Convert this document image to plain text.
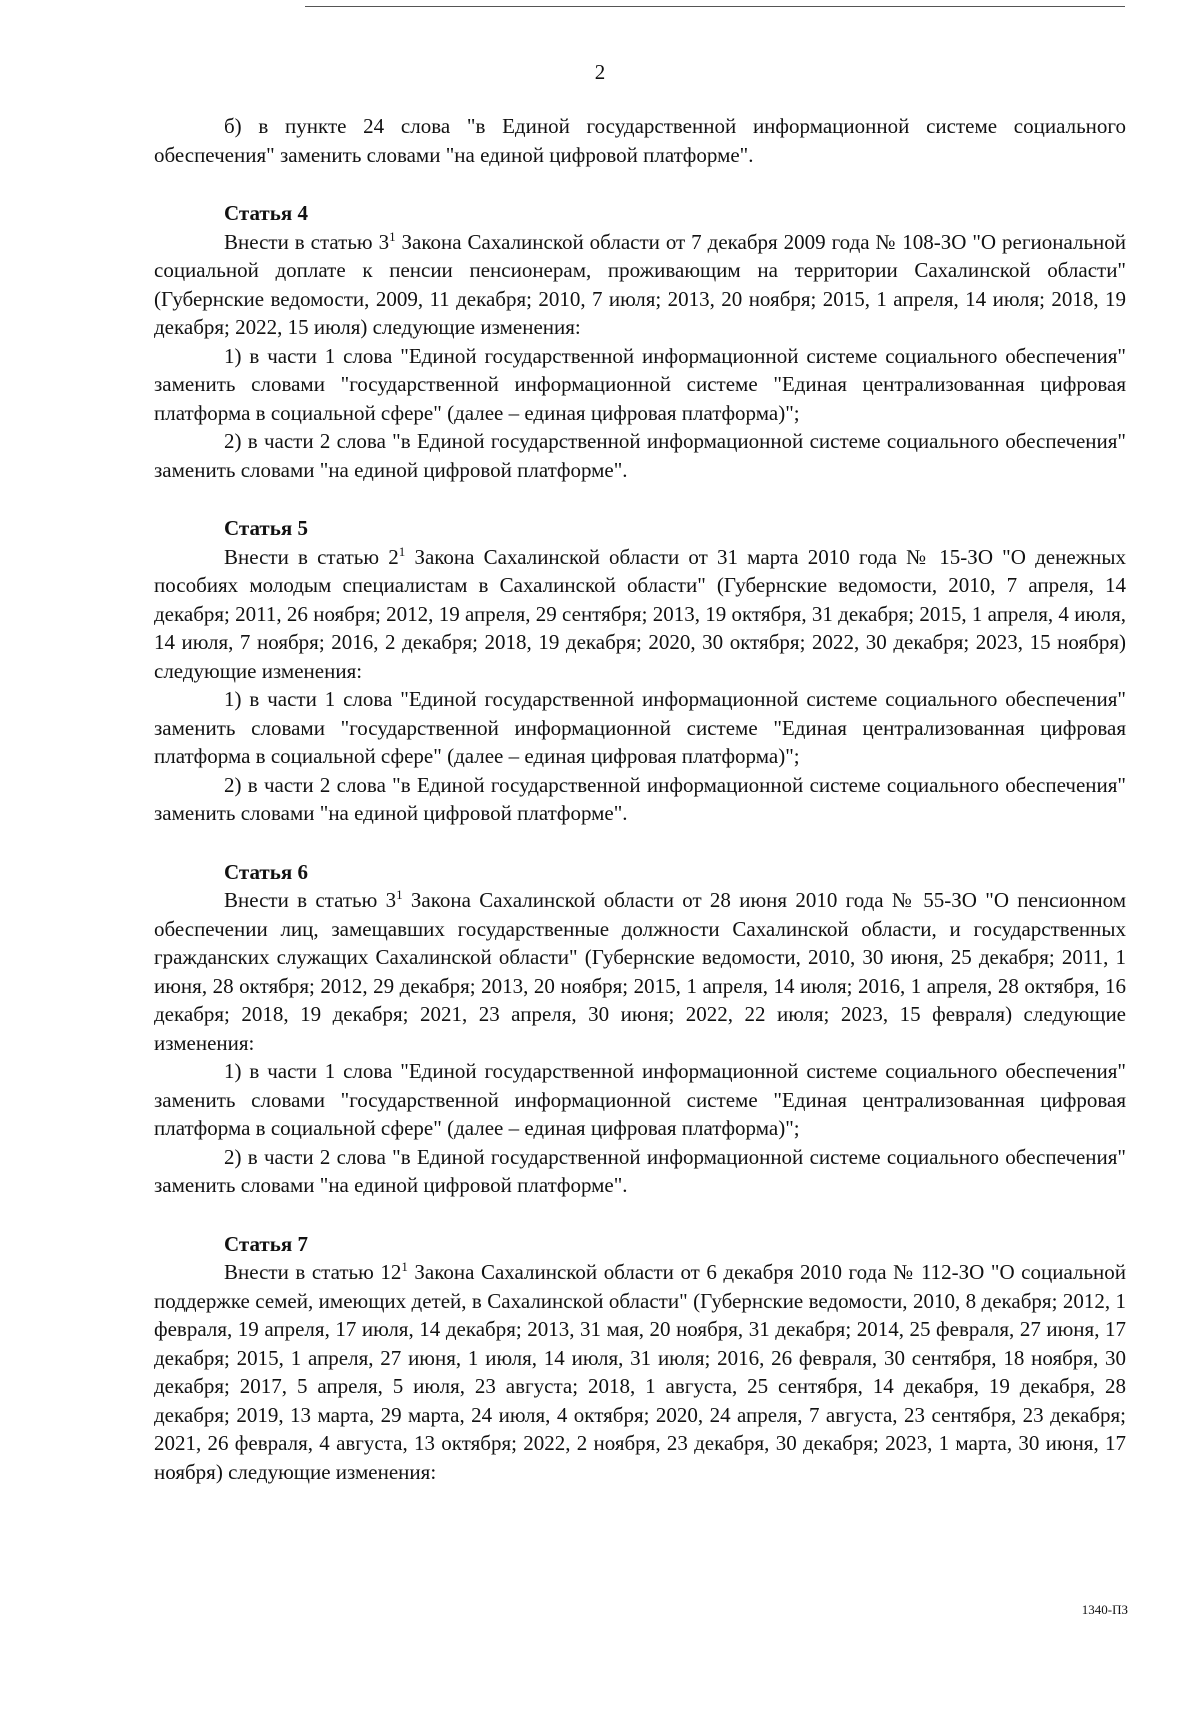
2

б) в пункте 24 слова "в Единой государственной информационной системе социального обеспечения" заменить словами "на единой цифровой платформе".

Статья 4

Внести в статью $3^1$ Закона Сахалинской области от 7 декабря 2009 года № 108-ЗО "О региональной социальной доплате к пенсии пенсионерам, проживающим на территории Сахалинской области" (Губернские ведомости, 2009, 11 декабря; 2010, 7 июля; 2013, 20 ноября; 2015, 1 апреля, 14 июля; 2018, 19 декабря; 2022, 15 июля) следующие изменения:

1) в части 1 слова "Единой государственной информационной системе социального обеспечения" заменить словами "государственной информационной системе "Единая централизованная цифровая платформа в социальной сфере" (далее – единая цифровая платформа)";

2) в части 2 слова "в Единой государственной информационной системе социального обеспечения" заменить словами "на единой цифровой платформе".

Статья 5

Внести в статью $2^1$ Закона Сахалинской области от 31 марта 2010 года № 15-ЗО "О денежных пособиях молодым специалистам в Сахалинской области" (Губернские ведомости, 2010, 7 апреля, 14 декабря; 2011, 26 ноября; 2012, 19 апреля, 29 сентября; 2013, 19 октября, 31 декабря; 2015, 1 апреля, 4 июля, 14 июля, 7 ноября; 2016, 2 декабря; 2018, 19 декабря; 2020, 30 октября; 2022, 30 декабря; 2023, 15 ноября) следующие изменения:

1) в части 1 слова "Единой государственной информационной системе социального обеспечения" заменить словами "государственной информационной системе "Единая централизованная цифровая платформа в социальной сфере" (далее – единая цифровая платформа)";

2) в части 2 слова "в Единой государственной информационной системе социального обеспечения" заменить словами "на единой цифровой платформе".

Статья 6

Внести в статью $3^1$ Закона Сахалинской области от 28 июня 2010 года № 55-ЗО "О пенсионном обеспечении лиц, замещавших государственные должности Сахалинской области, и государственных гражданских служащих Сахалинской области" (Губернские ведомости, 2010, 30 июня, 25 декабря; 2011, 1 июня, 28 октября; 2012, 29 декабря; 2013, 20 ноября; 2015, 1 апреля, 14 июля; 2016, 1 апреля, 28 октября, 16 декабря; 2018, 19 декабря; 2021, 23 апреля, 30 июня; 2022, 22 июля; 2023, 15 февраля) следующие изменения:

1) в части 1 слова "Единой государственной информационной системе социального обеспечения" заменить словами "государственной информационной системе "Единая централизованная цифровая платформа в социальной сфере" (далее – единая цифровая платформа)";

2) в части 2 слова "в Единой государственной информационной системе социального обеспечения" заменить словами "на единой цифровой платформе".

Статья 7

Внести в статью $12^1$ Закона Сахалинской области от 6 декабря 2010 года № 112-ЗО "О социальной поддержке семей, имеющих детей, в Сахалинской области" (Губернские ведомости, 2010, 8 декабря; 2012, 1 февраля, 19 апреля, 17 июля, 14 декабря; 2013, 31 мая, 20 ноября, 31 декабря; 2014, 25 февраля, 27 июня, 17 декабря; 2015, 1 апреля, 27 июня, 1 июля, 14 июля, 31 июля; 2016, 26 февраля, 30 сентября, 18 ноября, 30 декабря; 2017, 5 апреля, 5 июля, 23 августа; 2018, 1 августа, 25 сентября, 14 декабря, 19 декабря, 28 декабря; 2019, 13 марта, 29 марта, 24 июля, 4 октября; 2020, 24 апреля, 7 августа, 23 сентября, 23 декабря; 2021, 26 февраля, 4 августа, 13 октября; 2022, 2 ноября, 23 декабря, 30 декабря; 2023, 1 марта, 30 июня, 17 ноября) следующие изменения:

1340-ПЗ
